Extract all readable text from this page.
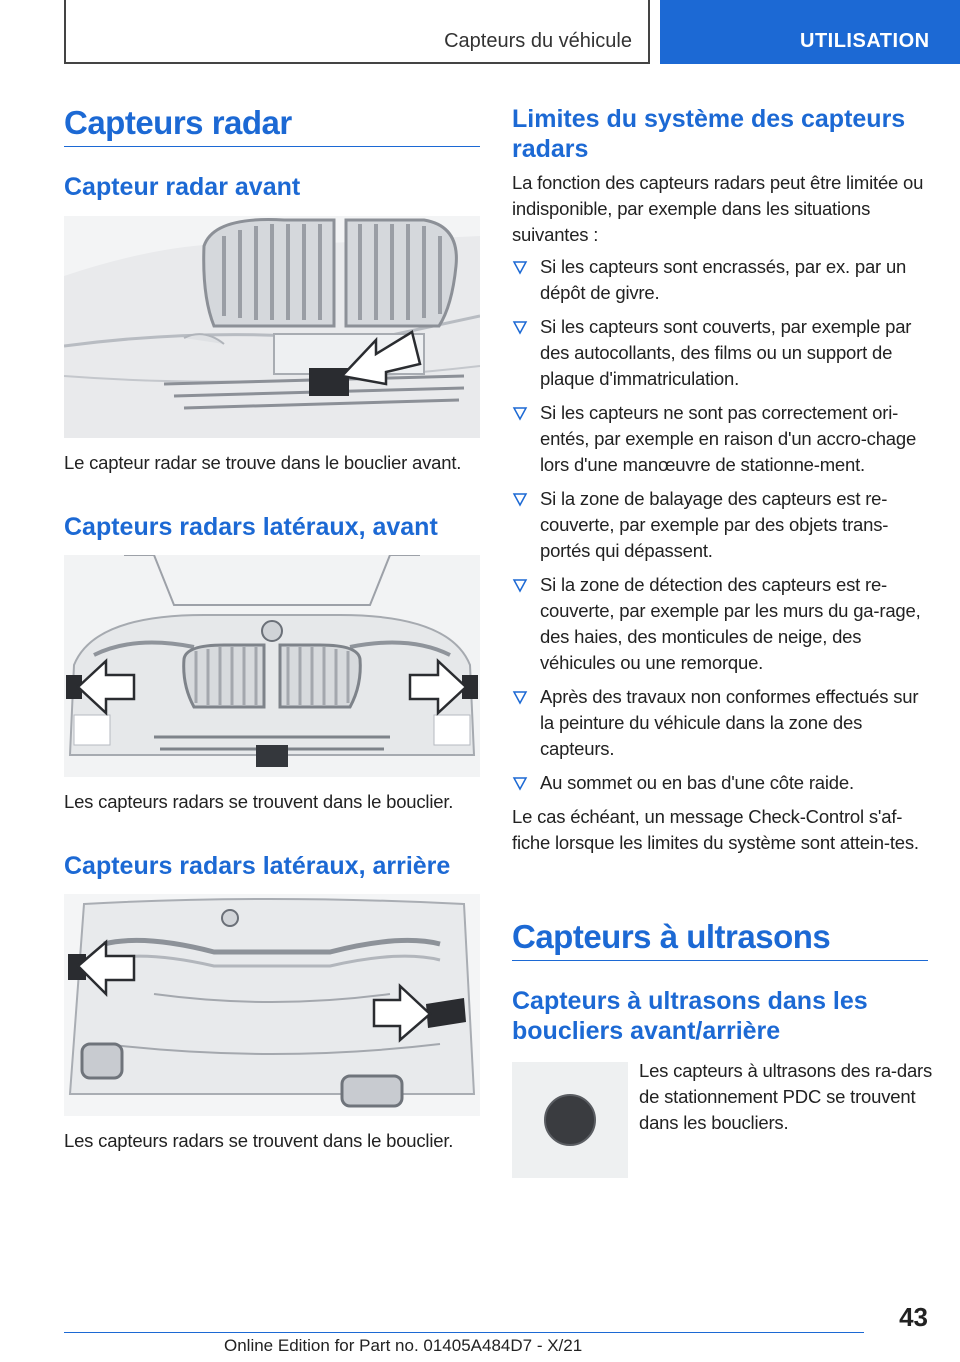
Capteurs du véhicule	UTILISATION
Capteurs radar
Capteur radar avant
Le capteur radar se trouve dans le bouclier avant.
Capteurs radars latéraux, avant
Les capteurs radars se trouvent dans le bouclier.
Capteurs radars latéraux, arrière
Les capteurs radars se trouvent dans le bouclier.
Limites du système des capteurs radars
La fonction des capteurs radars peut être limitée ou indisponible, par exemple dans les situations suivantes :
Si les capteurs sont encrassés, par ex. par un dépôt de givre.
Si les capteurs sont couverts, par exemple par des autocollants, des films ou un support de plaque d'immatriculation.
Si les capteurs ne sont pas correctement ori‐entés, par exemple en raison d'un accro‐chage lors d'une manœuvre de stationne‐ment.
Si la zone de balayage des capteurs est re‐couverte, par exemple par des objets trans‐portés qui dépassent.
Si la zone de détection des capteurs est re‐couverte, par exemple par les murs du ga‐rage, des haies, des monticules de neige, des véhicules ou une remorque.
Après des travaux non conformes effectués sur la peinture du véhicule dans la zone des capteurs.
Au sommet ou en bas d'une côte raide.
Le cas échéant, un message Check-Control s'af‐fiche lorsque les limites du système sont attein‐tes.
Capteurs à ultrasons
Capteurs à ultrasons dans les boucliers avant/arrière
Les capteurs à ultrasons des ra‐dars de stationnement PDC se trouvent dans les boucliers.
43
Online Edition for Part no. 01405A484D7 - X/21
